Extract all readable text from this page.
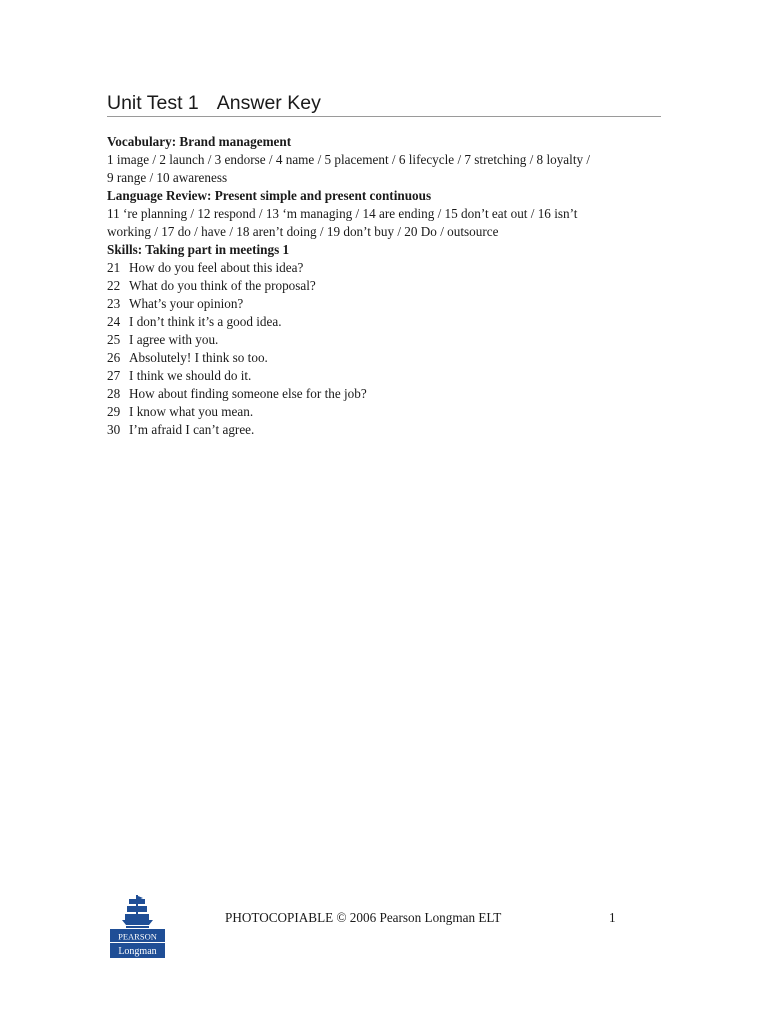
Unit Test 1 Answer Key
Vocabulary: Brand management
1 image / 2 launch / 3 endorse / 4 name / 5 placement / 6 lifecycle / 7 stretching / 8 loyalty /
9 range / 10 awareness
Language Review: Present simple and present continuous
11 ‘re planning / 12 respond / 13 ‘m managing / 14 are ending / 15 don’t eat out / 16 isn’t
working / 17 do / have / 18 aren’t doing / 19 don’t buy / 20 Do / outsource
Skills: Taking part in meetings 1
21 How do you feel about this idea?
22 What do you think of the proposal?
23 What’s your opinion?
24 I don’t think it’s a good idea.
25 I agree with you.
26 Absolutely! I think so too.
27 I think we should do it.
28 How about finding someone else for the job?
29 I know what you mean.
30 I’m afraid I can’t agree.
PEARSON
Longman
PHOTOCOPIABLE © 2006 Pearson Longman ELT	1
